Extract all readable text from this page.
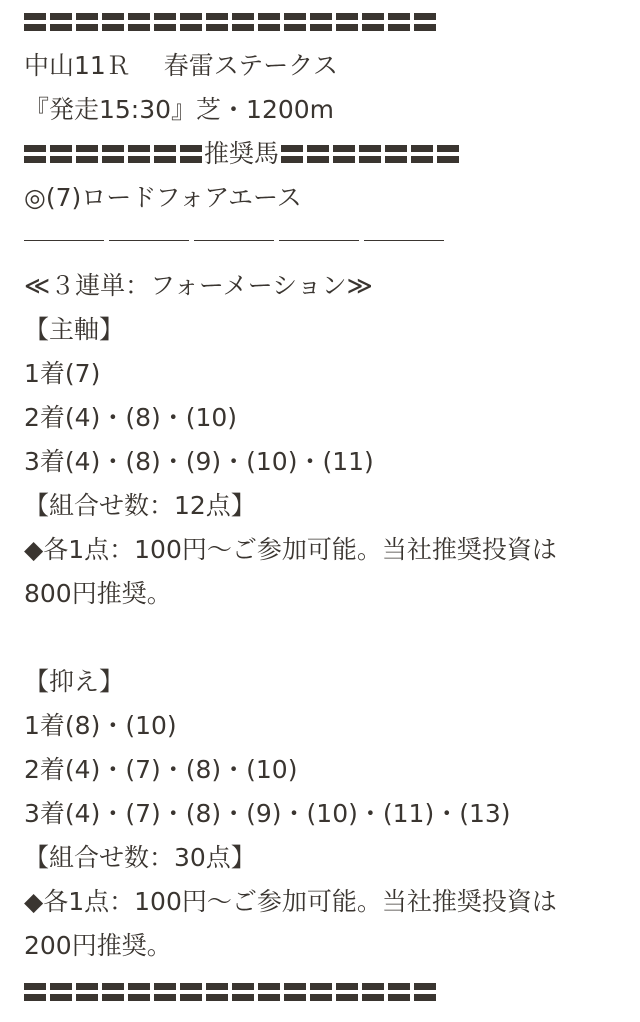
中山11Ｒ　 春雷ステークス
『発走15:30』芝・1200m
推奨馬
◎(7)ロードフォアエース
≪３連単：フォーメーション≫
【主軸】
1着(7)
2着(4)・(8)・(10)
3着(4)・(8)・(9)・(10)・(11)
【組合せ数：12点】
◆各1点：100円～ご参加可能。当社推奨投資は
800円推奨。
【抑え】
1着(8)・(10)
2着(4)・(7)・(8)・(10)
3着(4)・(7)・(8)・(9)・(10)・(11)・(13)
【組合せ数：30点】
◆各1点：100円～ご参加可能。当社推奨投資は
200円推奨。
